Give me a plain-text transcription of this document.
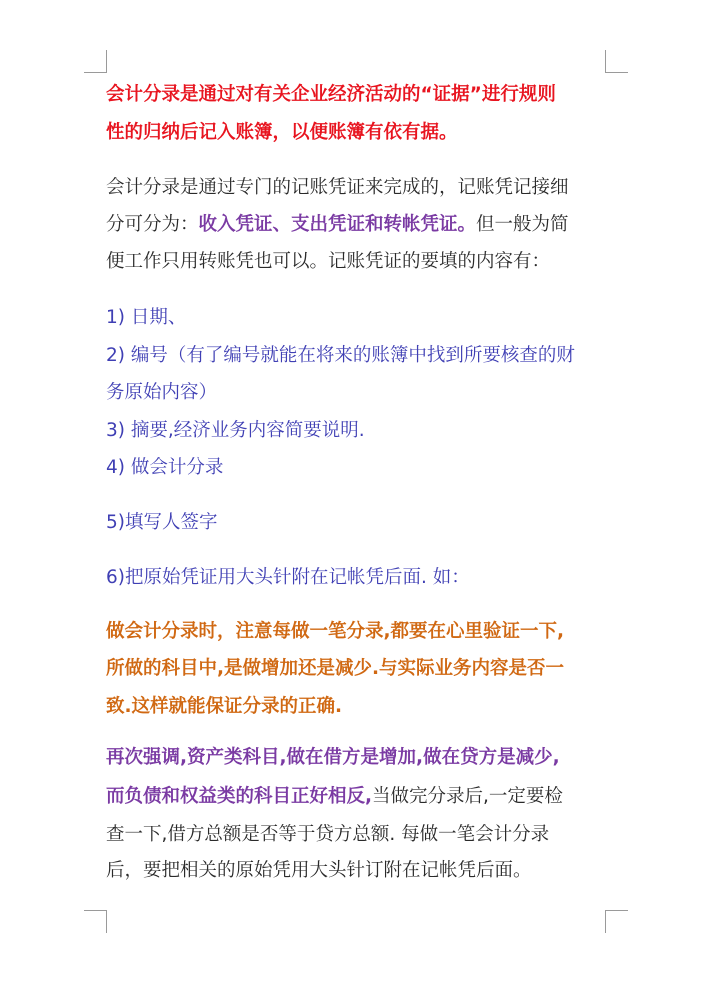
会计分录是通过对有关企业经济活动的“证据”进行规则
性的归纳后记入账簿，以便账簿有依有据。
会计分录是通过专门的记账凭证来完成的，记账凭记接细
分可分为：收入凭证、支出凭证和转帐凭证。但一般为简
便工作只用转账凭也可以。记账凭证的要填的内容有：
1) 日期、
2) 编号（有了编号就能在将来的账簿中找到所要核查的财
务原始内容）
3) 摘要,经济业务内容简要说明.
4) 做会计分录
5)填写人签字
6)把原始凭证用大头针附在记帐凭后面. 如：
做会计分录时，注意每做一笔分录,都要在心里验证一下,
所做的科目中,是做增加还是减少.与实际业务内容是否一
致.这样就能保证分录的正确.
再次强调,资产类科目,做在借方是增加,做在贷方是减少,
而负债和权益类的科目正好相反,当做完分录后,一定要检
查一下,借方总额是否等于贷方总额. 每做一笔会计分录
后，要把相关的原始凭用大头针订附在记帐凭后面。
